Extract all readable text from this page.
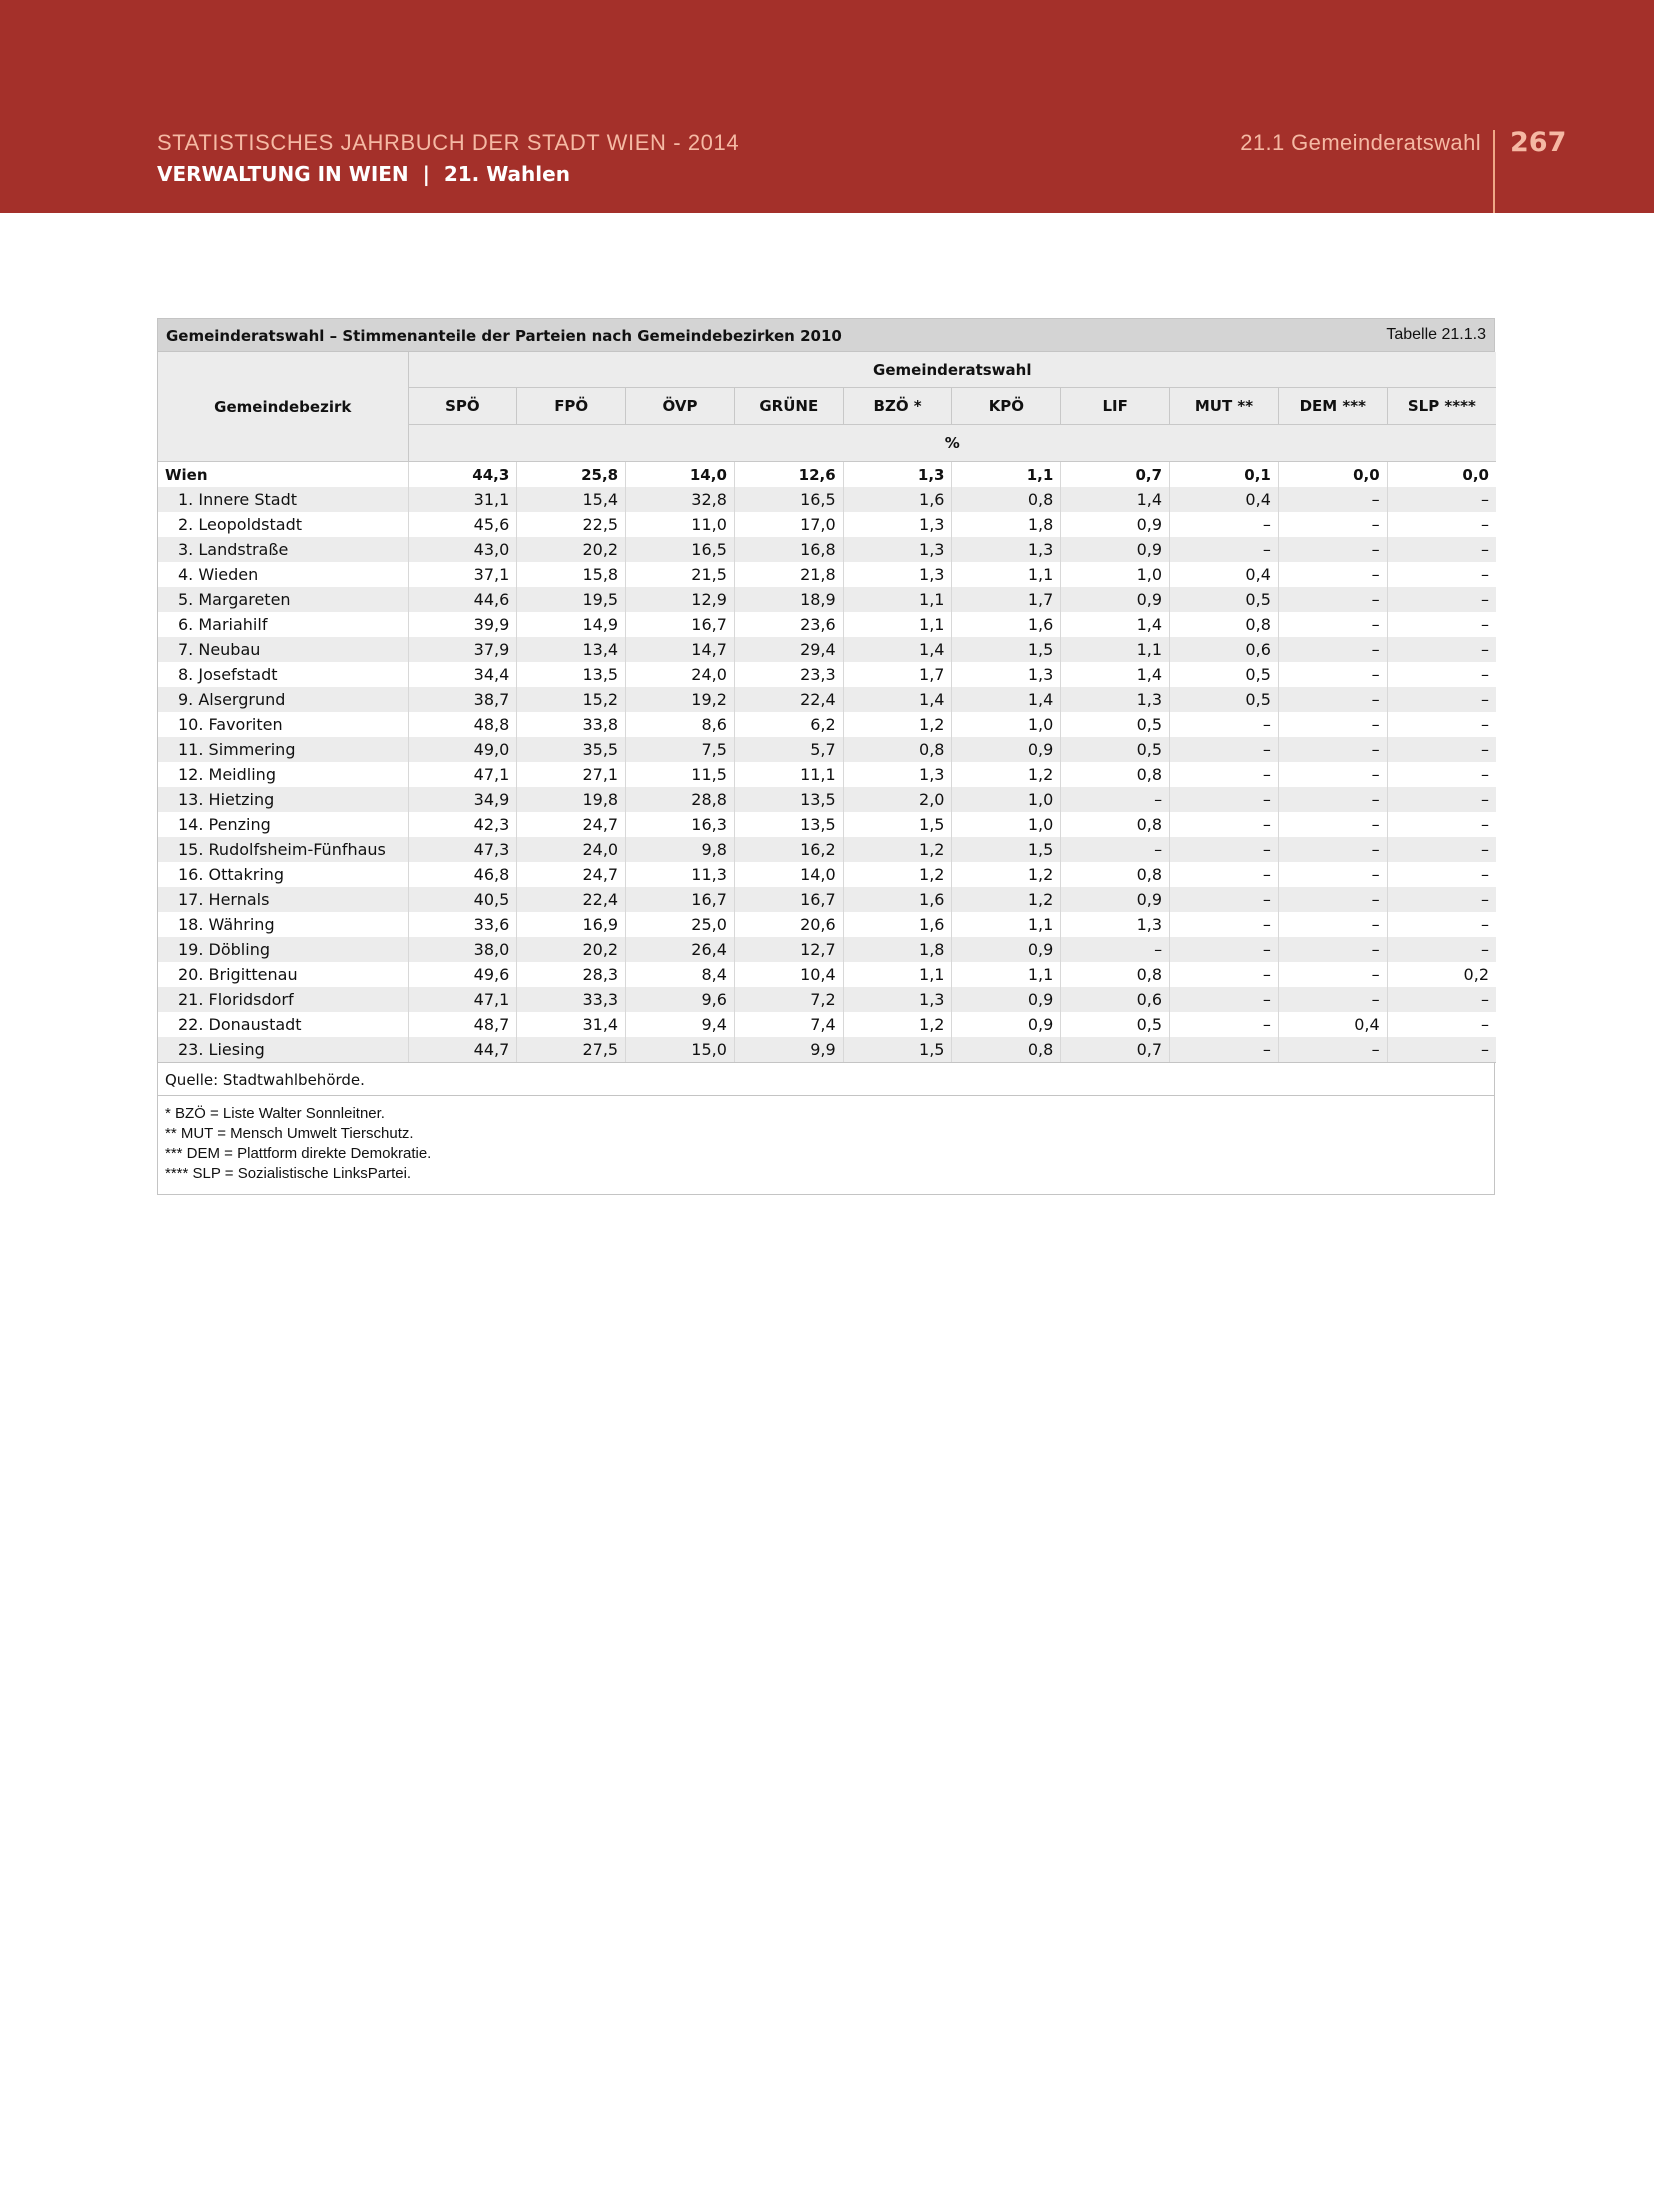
STATISTISCHES JAHRBUCH DER STADT WIEN - 2014
VERWALTUNG IN WIEN  |  21. Wahlen
21.1 Gemeinderatswahl 267
Gemeinderatswahl – Stimmenanteile der Parteien nach Gemeindebezirken 2010	Tabelle 21.1.3
Gemeindebezirk	Gemeinderatswahl									
	SPÖ	FPÖ	ÖVP	GRÜNE	BZÖ *	KPÖ	LIF	MUT **	DEM ***	SLP ****
	%									
Wien	44,3	25,8	14,0	12,6	1,3	1,1	0,7	0,1	0,0	0,0
1. Innere Stadt	31,1	15,4	32,8	16,5	1,6	0,8	1,4	0,4	–	–
2. Leopoldstadt	45,6	22,5	11,0	17,0	1,3	1,8	0,9	–	–	–
3. Landstraße	43,0	20,2	16,5	16,8	1,3	1,3	0,9	–	–	–
4. Wieden	37,1	15,8	21,5	21,8	1,3	1,1	1,0	0,4	–	–
5. Margareten	44,6	19,5	12,9	18,9	1,1	1,7	0,9	0,5	–	–
6. Mariahilf	39,9	14,9	16,7	23,6	1,1	1,6	1,4	0,8	–	–
7. Neubau	37,9	13,4	14,7	29,4	1,4	1,5	1,1	0,6	–	–
8. Josefstadt	34,4	13,5	24,0	23,3	1,7	1,3	1,4	0,5	–	–
9. Alsergrund	38,7	15,2	19,2	22,4	1,4	1,4	1,3	0,5	–	–
10. Favoriten	48,8	33,8	8,6	6,2	1,2	1,0	0,5	–	–	–
11. Simmering	49,0	35,5	7,5	5,7	0,8	0,9	0,5	–	–	–
12. Meidling	47,1	27,1	11,5	11,1	1,3	1,2	0,8	–	–	–
13. Hietzing	34,9	19,8	28,8	13,5	2,0	1,0	–	–	–	–
14. Penzing	42,3	24,7	16,3	13,5	1,5	1,0	0,8	–	–	–
15. Rudolfsheim-Fünfhaus	47,3	24,0	9,8	16,2	1,2	1,5	–	–	–	–
16. Ottakring	46,8	24,7	11,3	14,0	1,2	1,2	0,8	–	–	–
17. Hernals	40,5	22,4	16,7	16,7	1,6	1,2	0,9	–	–	–
18. Währing	33,6	16,9	25,0	20,6	1,6	1,1	1,3	–	–	–
19. Döbling	38,0	20,2	26,4	12,7	1,8	0,9	–	–	–	–
20. Brigittenau	49,6	28,3	8,4	10,4	1,1	1,1	0,8	–	–	0,2
21. Floridsdorf	47,1	33,3	9,6	7,2	1,3	0,9	0,6	–	–	–
22. Donaustadt	48,7	31,4	9,4	7,4	1,2	0,9	0,5	–	0,4	–
23. Liesing	44,7	27,5	15,0	9,9	1,5	0,8	0,7	–	–	–
Quelle: Stadtwahlbehörde.
* BZÖ = Liste Walter Sonnleitner.
** MUT = Mensch Umwelt Tierschutz.
*** DEM = Plattform direkte Demokratie.
**** SLP = Sozialistische LinksPartei.
